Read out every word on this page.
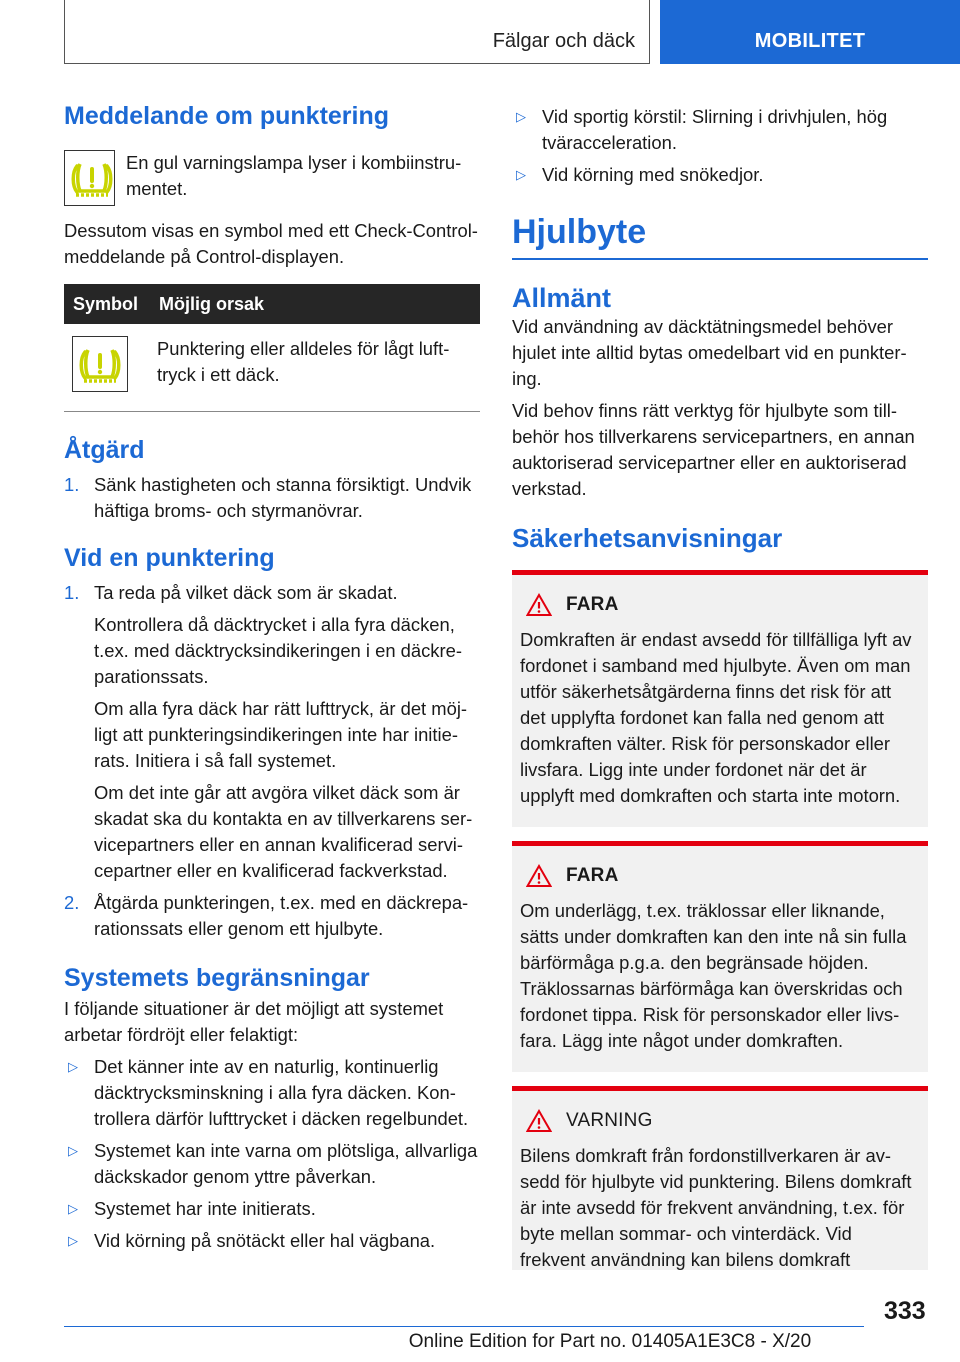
Fälgar och däck	MOBILITET
Meddelande om punktering
En gul varningslampa lyser i kombiinstrumentet.
Dessutom visas en symbol med ett Check-Control-meddelande på Control-displayen.
Symbol	Möjlig orsak

	Punktering eller alldeles för lågt lufttryck i ett däck.
Åtgärd
1. Sänk hastigheten och stanna försiktigt. Undvik häftiga broms- och styrmanövrar.
Vid en punktering
1. Ta reda på vilket däck som är skadat.

Kontrollera då däcktrycket i alla fyra däcken, t.ex. med däcktrycksindikeringen i en däckreparationssats.

Om alla fyra däck har rätt lufttryck, är det möjligt att punkteringsindikeringen inte har initierats. Initiera i så fall systemet.

Om det inte går att avgöra vilket däck som är skadat ska du kontakta en av tillverkarens servicepartners eller en annan kvalificerad servicepartner eller en kvalificerad fackverkstad.

2. Åtgärda punkteringen, t.ex. med en däckreparationssats eller genom ett hjulbyte.
Systemets begränsningar
I följande situationer är det möjligt att systemet arbetar fördröjt eller felaktigt:
▷ Det känner inte av en naturlig, kontinuerlig däcktrycksminskning i alla fyra däcken. Kontrollera därför lufttrycket i däcken regelbundet.
▷ Systemet kan inte varna om plötsliga, allvarliga däckskador genom yttre påverkan.
▷ Systemet har inte initierats.
▷ Vid körning på snötäckt eller hal vägbana.
▷ Vid sportig körstil: Slirning i drivhjulen, hög tväracceleration.
▷ Vid körning med snökedjor.
Hjulbyte
Allmänt
Vid användning av däcktätningsmedel behöver hjulet inte alltid bytas omedelbart vid en punktering.
Vid behov finns rätt verktyg för hjulbyte som tillbehör hos tillverkarens servicepartners, en annan auktoriserad servicepartner eller en auktoriserad verkstad.
Säkerhetsanvisningar
FARA
Domkraften är endast avsedd för tillfälliga lyft av fordonet i samband med hjulbyte. Även om man utför säkerhetsåtgärderna finns det risk för att det upplyfta fordonet kan falla ned genom att domkraften välter. Risk för personskador eller livsfara. Ligg inte under fordonet när det är upplyft med domkraften och starta inte motorn.
FARA
Om underlägg, t.ex. träklossar eller liknande, sätts under domkraften kan den inte nå sin fulla bärförmåga p.g.a. den begränsade höjden. Träklossarnas bärförmåga kan överskridas och fordonet tippa. Risk för personskador eller livsfara. Lägg inte något under domkraften.
VARNING
Bilens domkraft från fordonstillverkaren är avsedd för hjulbyte vid punktering. Bilens domkraft är inte avsedd för frekvent användning, t.ex. för byte mellan sommar- och vinterdäck. Vid frekvent användning kan bilens domkraft
333
Online Edition for Part no. 01405A1E3C8 - X/20
